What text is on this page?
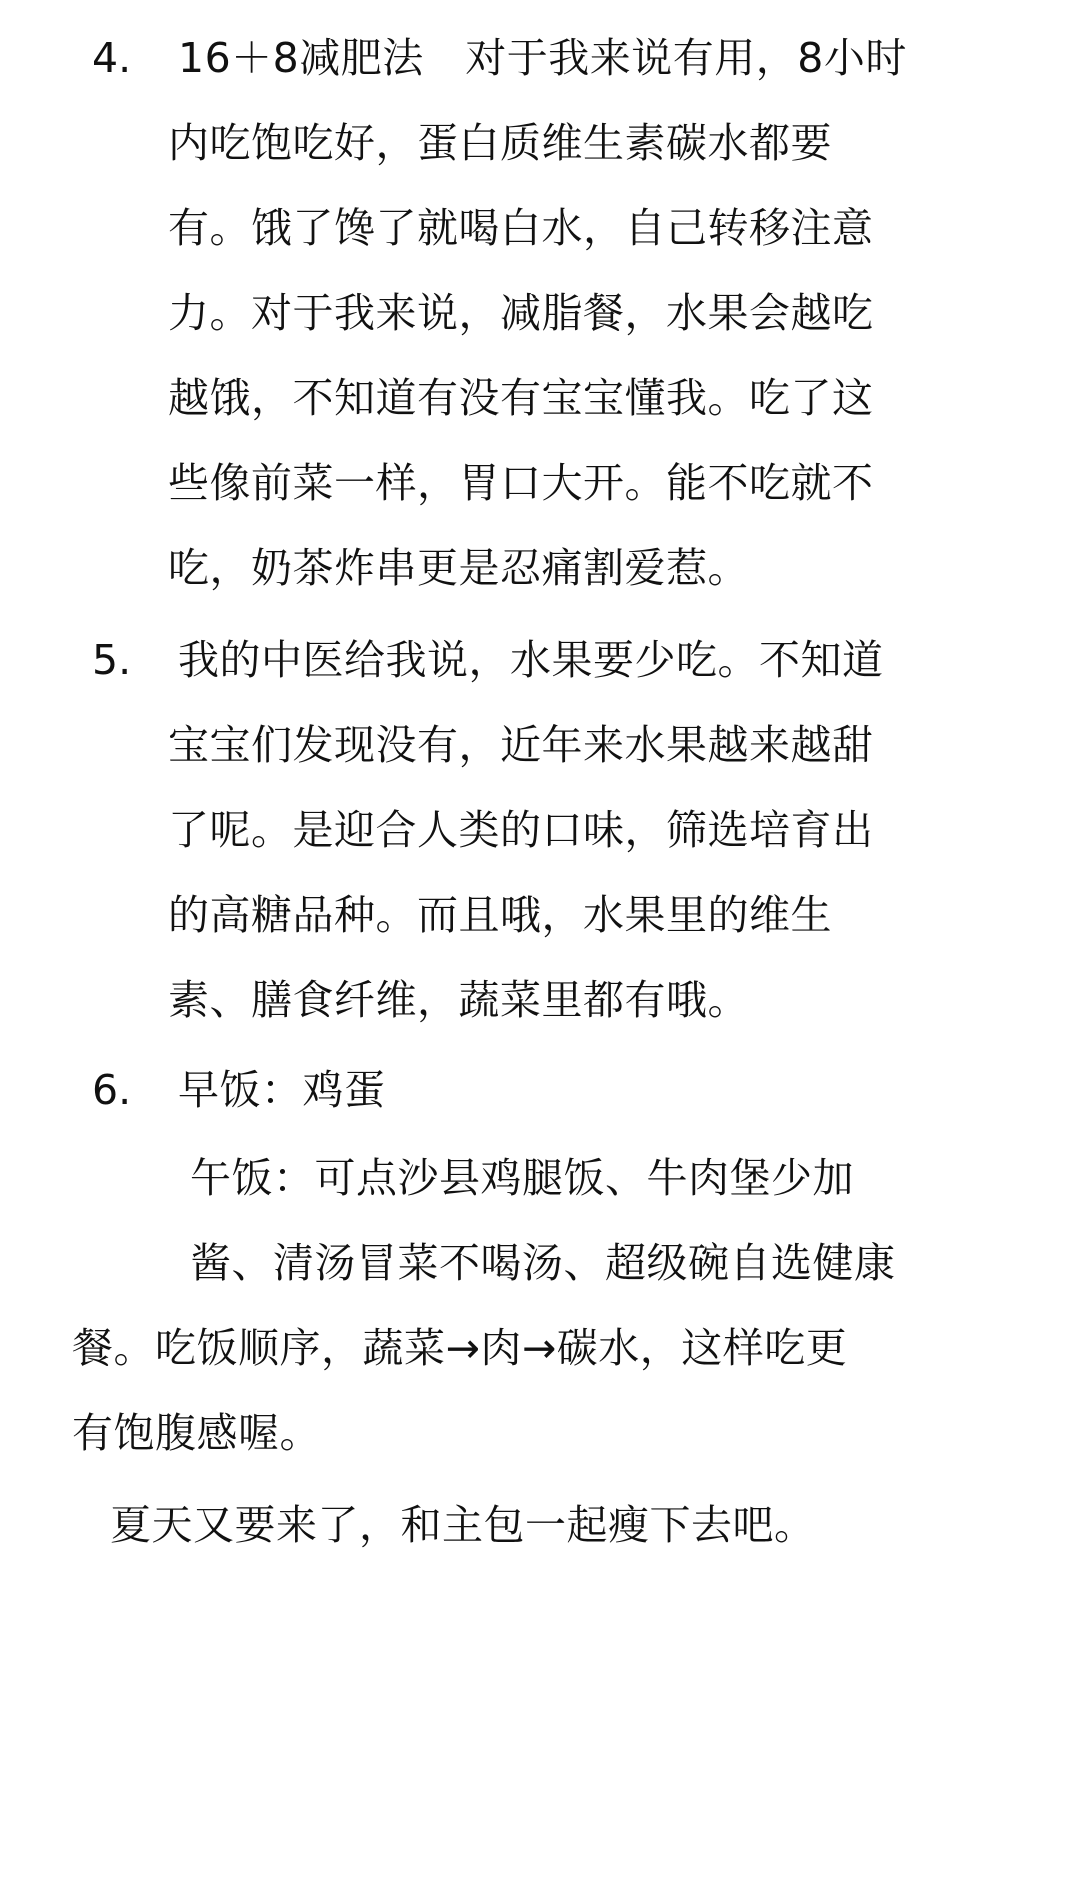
4. 16＋8减肥法　对于我来说有用，8小时
内吃饱吃好，蛋白质维生素碳水都要
有。饿了馋了就喝白水，自己转移注意
力。对于我来说，减脂餐，水果会越吃
越饿，不知道有没有宝宝懂我。吃了这
些像前菜一样，胃口大开。能不吃就不
吃，奶茶炸串更是忍痛割爱惹。
5. 我的中医给我说，水果要少吃。不知道
宝宝们发现没有，近年来水果越来越甜
了呢。是迎合人类的口味，筛选培育出
的高糖品种。而且哦，水果里的维生
素、膳食纤维，蔬菜里都有哦。
6. 早饭：鸡蛋
午饭：可点沙县鸡腿饭、牛肉堡少加
酱、清汤冒菜不喝汤、超级碗自选健康
餐。吃饭顺序，蔬菜→肉→碳水，这样吃更
有饱腹感喔。
夏天又要来了，和主包一起瘦下去吧。
